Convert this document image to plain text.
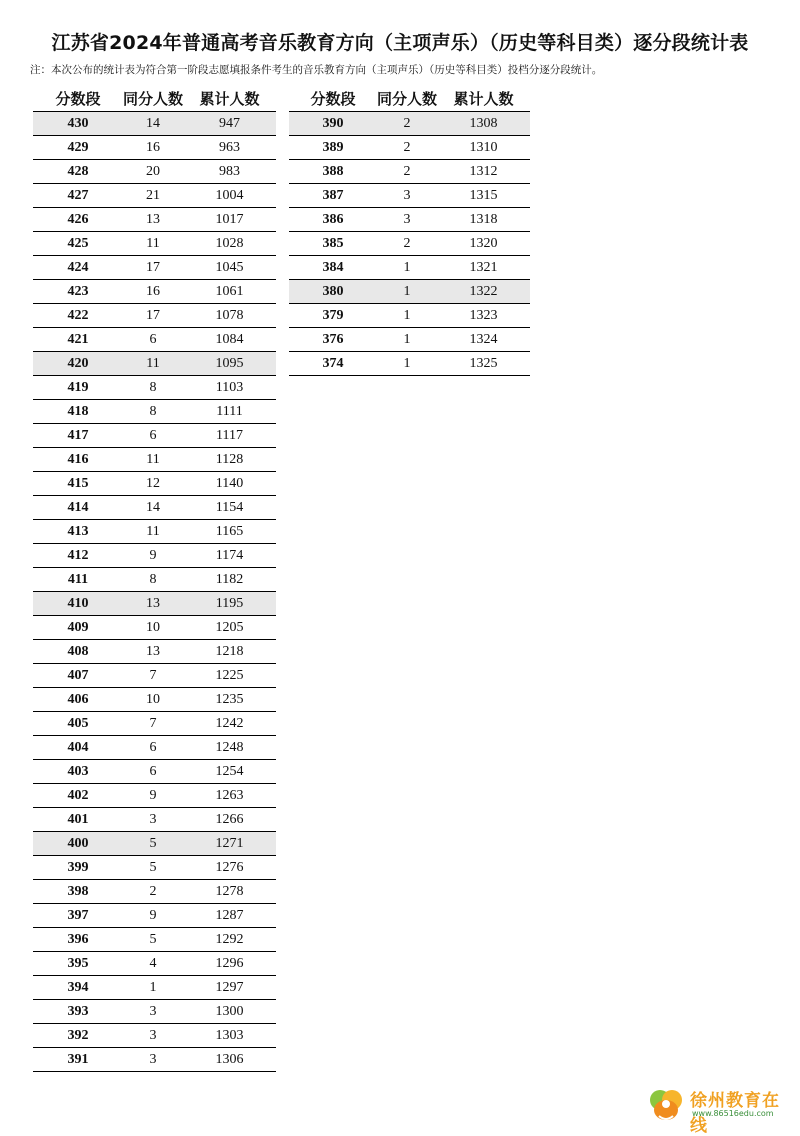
江苏省2024年普通高考音乐教育方向（主项声乐）（历史等科目类）逐分段统计表
注：本次公布的统计表为符合第一阶段志愿填报条件考生的音乐教育方向（主项声乐）（历史等科目类）投档分逐分段统计。
分数段	同分人数	累计人数
430	14	947
429	16	963
428	20	983
427	21	1004
426	13	1017
425	11	1028
424	17	1045
423	16	1061
422	17	1078
421	6	1084
420	11	1095
419	8	1103
418	8	1111
417	6	1117
416	11	1128
415	12	1140
414	14	1154
413	11	1165
412	9	1174
411	8	1182
410	13	1195
409	10	1205
408	13	1218
407	7	1225
406	10	1235
405	7	1242
404	6	1248
403	6	1254
402	9	1263
401	3	1266
400	5	1271
399	5	1276
398	2	1278
397	9	1287
396	5	1292
395	4	1296
394	1	1297
393	3	1300
392	3	1303
391	3	1306
分数段	同分人数	累计人数
390	2	1308
389	2	1310
388	2	1312
387	3	1315
386	3	1318
385	2	1320
384	1	1321
380	1	1322
379	1	1323
376	1	1324
374	1	1325
徐州教育在线
www.86516edu.com
